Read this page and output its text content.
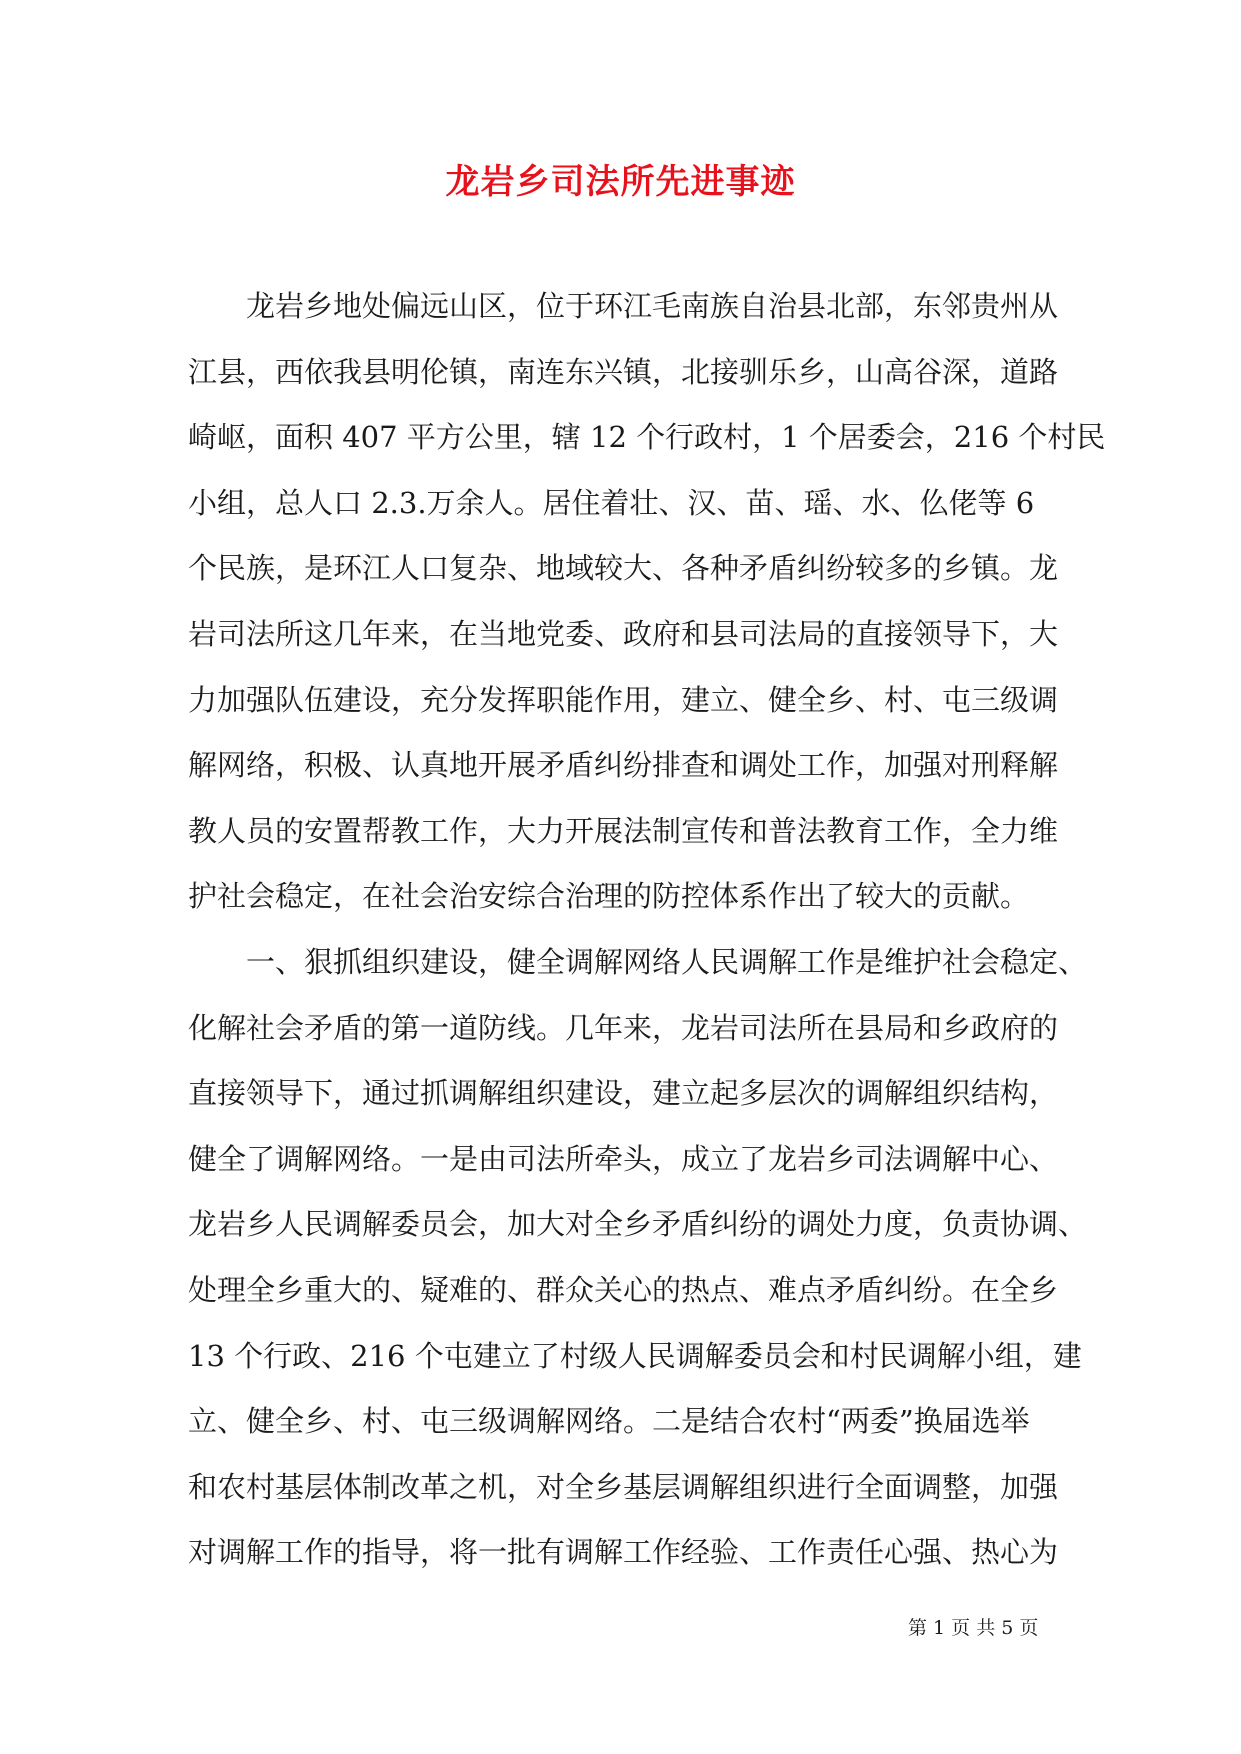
龙岩乡司法所先进事迹
龙岩乡地处偏远山区，位于环江毛南族自治县北部，东邻贵州从
江县，西依我县明伦镇，南连东兴镇，北接驯乐乡，山高谷深，道路
崎岖，面积 407 平方公里，辖 12 个行政村，1 个居委会，216 个村民
小组，总人口 2.3.万余人。居住着壮、汉、苗、瑶、水、仫佬等 6
个民族，是环江人口复杂、地域较大、各种矛盾纠纷较多的乡镇。龙
岩司法所这几年来，在当地党委、政府和县司法局的直接领导下，大
力加强队伍建设，充分发挥职能作用，建立、健全乡、村、屯三级调
解网络，积极、认真地开展矛盾纠纷排查和调处工作，加强对刑释解
教人员的安置帮教工作，大力开展法制宣传和普法教育工作，全力维
护社会稳定，在社会治安综合治理的防控体系作出了较大的贡献。
一、狠抓组织建设，健全调解网络人民调解工作是维护社会稳定、
化解社会矛盾的第一道防线。几年来，龙岩司法所在县局和乡政府的
直接领导下，通过抓调解组织建设，建立起多层次的调解组织结构，
健全了调解网络。一是由司法所牵头，成立了龙岩乡司法调解中心、
龙岩乡人民调解委员会，加大对全乡矛盾纠纷的调处力度，负责协调、
处理全乡重大的、疑难的、群众关心的热点、难点矛盾纠纷。在全乡
13 个行政、216 个屯建立了村级人民调解委员会和村民调解小组，建
立、健全乡、村、屯三级调解网络。二是结合农村“两委”换届选举
和农村基层体制改革之机，对全乡基层调解组织进行全面调整，加强
对调解工作的指导，将一批有调解工作经验、工作责任心强、热心为
第 1 页 共 5 页
